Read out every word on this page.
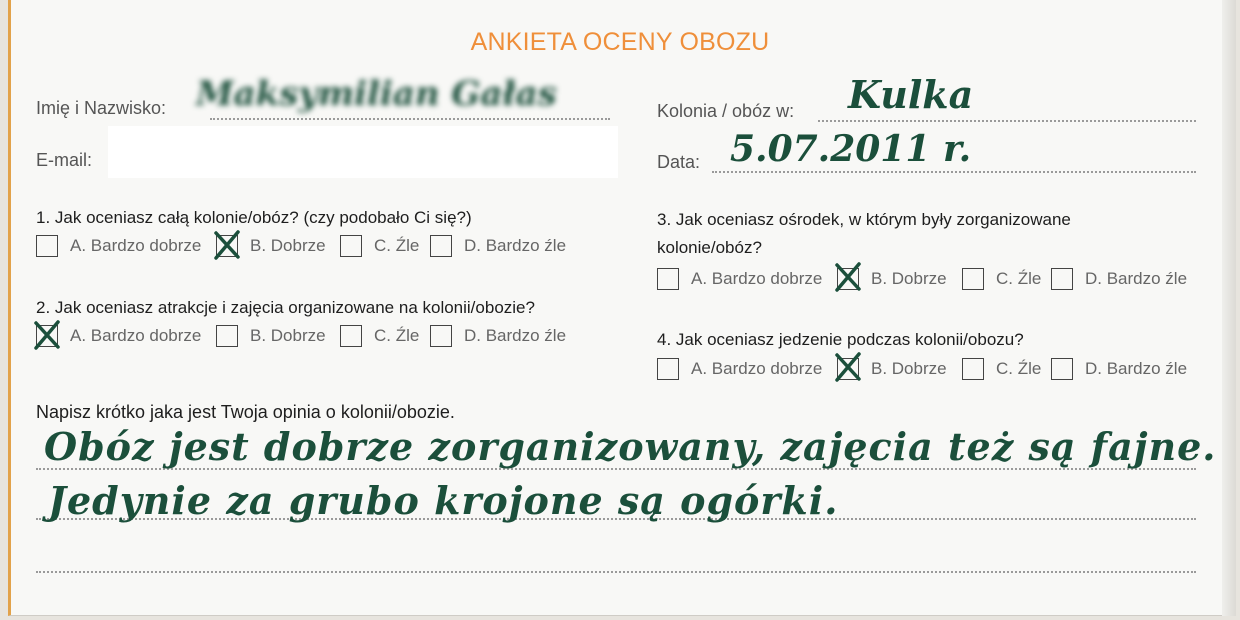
ANKIETA OCENY OBOZU
Imię i Nazwisko: Maksymilian Gałas
E-mail:
Kolonia / obóz w: Kulka
Data: 5.07.2011 r.
1. Jak oceniasz całą kolonie/obóz? (czy podobało Ci się?)
A. Bardzo dobrze	B. Dobrze	C. Źle	D. Bardzo źle
2. Jak oceniasz atrakcje i zajęcia organizowane na kolonii/obozie?
A. Bardzo dobrze	B. Dobrze	C. Źle	D. Bardzo źle
3. Jak oceniasz ośrodek, w którym były zorganizowane
kolonie/obóz?
A. Bardzo dobrze	B. Dobrze	C. Źle	D. Bardzo źle
4. Jak oceniasz jedzenie podczas kolonii/obozu?
A. Bardzo dobrze	B. Dobrze	C. Źle	D. Bardzo źle
Napisz krótko jaka jest Twoja opinia o kolonii/obozie.
Obóz jest dobrze zorganizowany, zajęcia też są fajne.
Jedynie za grubo krojone są ogórki.
